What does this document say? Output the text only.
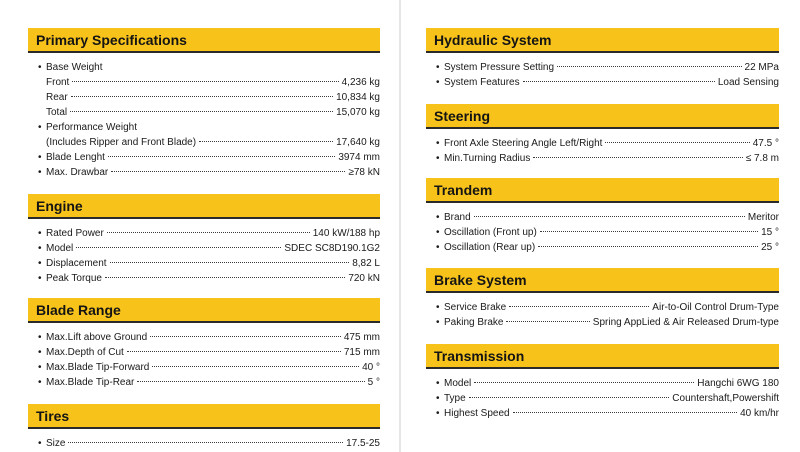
Primary Specifications
• Base Weight
Front	4,236 kg
Rear	10,834 kg
Total	15,070 kg
• Performance Weight
(Includes Ripper and Front Blade)	17,640 kg
• Blade Lenght	3974 mm
• Max. Drawbar	≥78 kN
Engine
• Rated Power	140 kW/188 hp
• Model	SDEC SC8D190.1G2
• Displacement	8,82 L
• Peak Torque	720 kN
Blade Range
• Max.Lift above Ground	475 mm
• Max.Depth of Cut	715 mm
• Max.Blade Tip-Forward	40 °
• Max.Blade Tip-Rear	5 °
Tires
• Size	17.5-25
Hydraulic System
• System Pressure Setting	22 MPa
• System Features	Load Sensing
Steering
• Front Axle Steering Angle Left/Right	47.5 °
• Min.Turning Radius	≤ 7.8 m
Trandem
• Brand	Meritor
• Oscillation (Front up)	15 °
• Oscillation (Rear up)	25 °
Brake System
• Service Brake	Air-to-Oil Control Drum-Type
• Paking Brake	Spring AppLied & Air Released Drum-type
Transmission
• Model	Hangchi 6WG 180
• Type	Countershaft,Powershift
• Highest Speed	40 km/hr
